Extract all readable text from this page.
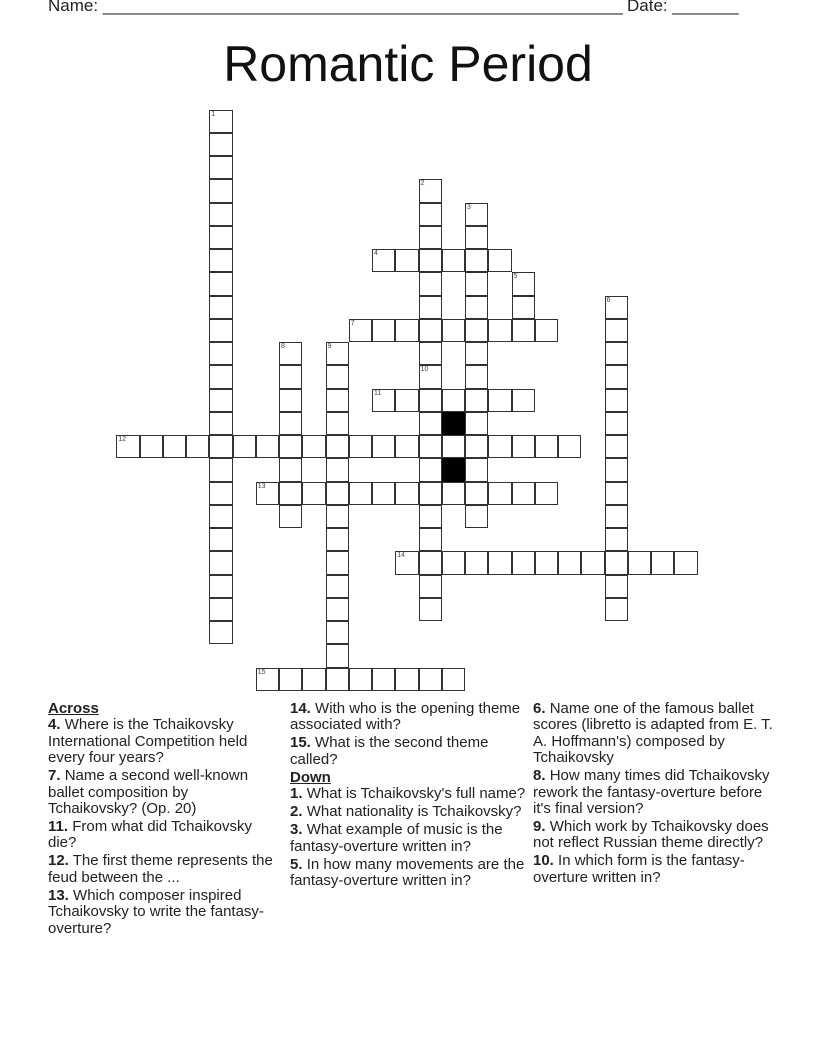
Name: _______________________________________________________ Date: _______
Romantic Period
1
2
10
3
4
5
6
7
8	9
11
12
13
14
15
Across
4. Where is the Tchaikovsky International Competition held every four years?
7. Name a second well-known ballet composition by Tchaikovsky? (Op. 20)
11. From what did Tchaikovsky die?
12. The first theme represents the feud between the ...
13. Which composer inspired Tchaikovsky to write the fantasy-overture?
14. With who is the opening theme associated with?
15. What is the second theme called?
Down
1. What is Tchaikovsky's full name?
2. What nationality is Tchaikovsky?
3. What example of music is the fantasy-overture written in?
5. In how many movements are the fantasy-overture written in?
6. Name one of the famous ballet scores (libretto is adapted from E. T. A. Hoffmann's) composed by Tchaikovsky
8. How many times did Tchaikovsky rework the fantasy-overture before it's final version?
9. Which work by Tchaikovsky does not reflect Russian theme directly?
10. In which form is the fantasy-overture written in?
